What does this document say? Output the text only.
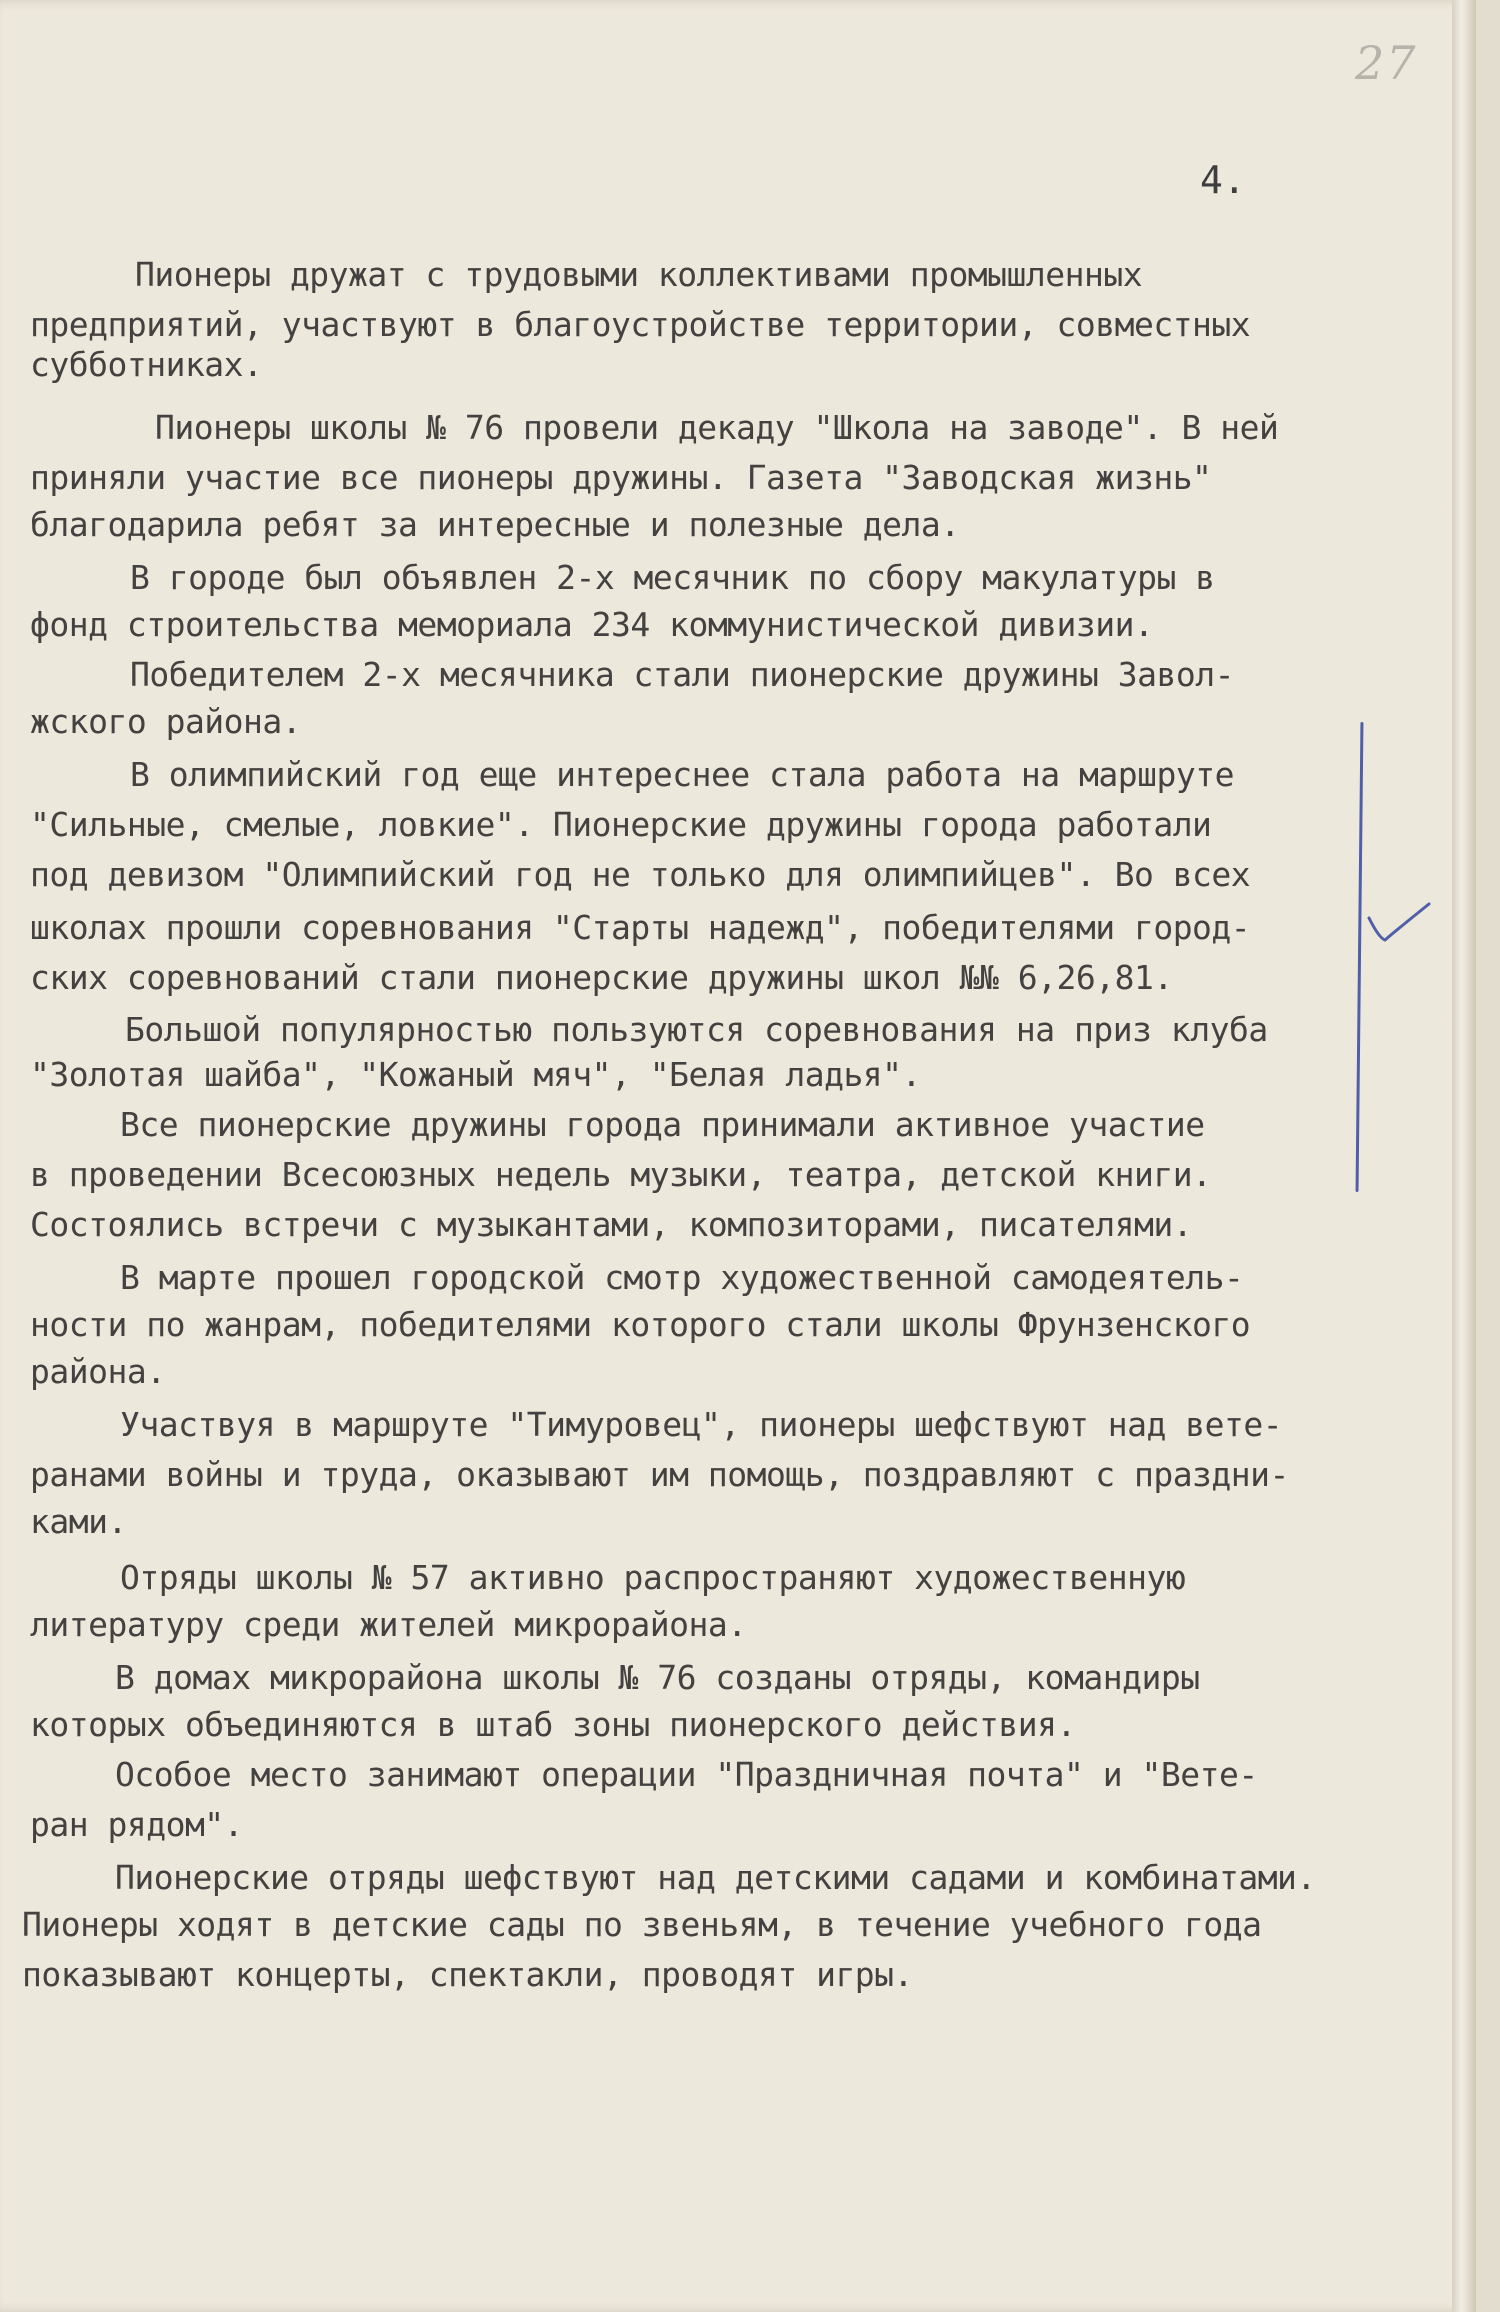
27
4.
Пионеры дружат с трудовыми коллективами промышленных
предприятий, участвуют в благоустройстве территории, совместных
субботниках.
Пионеры школы № 76 провели декаду "Школа на заводе". В ней
приняли участие все пионеры дружины. Газета "Заводская жизнь"
благодарила ребят за интересные и полезные дела.
В городе был объявлен 2-х месячник по сбору макулатуры в
фонд строительства мемориала 234 коммунистической дивизии.
Победителем 2-х месячника стали пионерские дружины Завол-
жского района.
В олимпийский год еще интереснее стала работа на маршруте
"Сильные, смелые, ловкие". Пионерские дружины города работали
под девизом "Олимпийский год не только для олимпийцев". Во всех
школах прошли соревнования "Старты надежд", победителями город-
ских соревнований стали пионерские дружины школ №№ 6,26,81.
Большой популярностью пользуются соревнования на приз клуба
"Золотая шайба", "Кожаный мяч", "Белая ладья".
Все пионерские дружины города принимали активное участие
в проведении Всесоюзных недель музыки, театра, детской книги.
Состоялись встречи с музыкантами, композиторами, писателями.
В марте прошел городской смотр художественной самодеятель-
ности по жанрам, победителями которого стали школы Фрунзенского
района.
Участвуя в маршруте "Тимуровец", пионеры шефствуют над вете-
ранами войны и труда, оказывают им помощь, поздравляют с праздни-
ками.
Отряды школы № 57 активно распространяют художественную
литературу среди жителей микрорайона.
В домах микрорайона школы № 76 созданы отряды, командиры
которых объединяются в штаб зоны пионерского действия.
Особое место занимают операции "Праздничная почта" и "Вете-
ран рядом".
Пионерские отряды шефствуют над детскими садами и комбинатами.
Пионеры ходят в детские сады по звеньям, в течение учебного года
показывают концерты, спектакли, проводят игры.
